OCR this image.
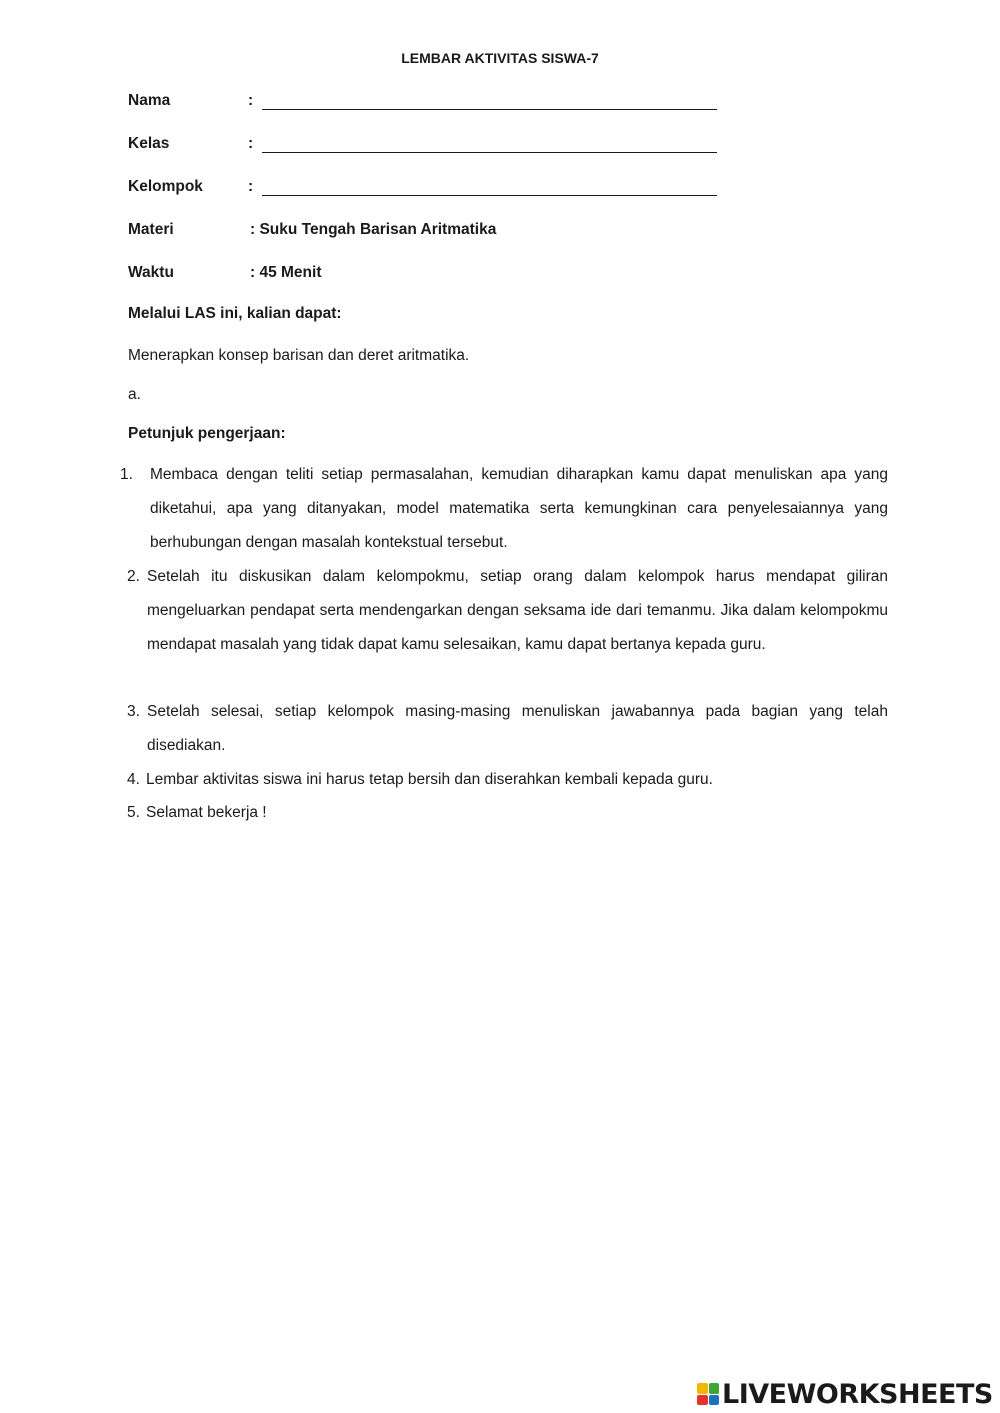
LEMBAR AKTIVITAS SISWA-7
Nama	:
Kelas	:
Kelompok	:
Materi	: Suku Tengah Barisan Aritmatika
Waktu	: 45 Menit
Melalui LAS ini, kalian dapat:
Menerapkan konsep barisan dan deret aritmatika.
a.
Petunjuk pengerjaan:
1. Membaca dengan teliti setiap permasalahan, kemudian diharapkan kamu dapat menuliskan apa yang diketahui, apa yang ditanyakan, model matematika serta kemungkinan cara penyelesaiannya yang berhubungan dengan masalah kontekstual tersebut.
2. Setelah itu diskusikan dalam kelompokmu, setiap orang dalam kelompok harus mendapat giliran mengeluarkan pendapat serta mendengarkan dengan seksama ide dari temanmu. Jika dalam kelompokmu mendapat masalah yang tidak dapat kamu selesaikan, kamu dapat bertanya kepada guru.
3. Setelah selesai, setiap kelompok masing-masing menuliskan jawabannya pada bagian yang telah disediakan.
4. Lembar aktivitas siswa ini harus tetap bersih dan diserahkan kembali kepada guru.
5. Selamat bekerja !
LIVEWORKSHEETS
